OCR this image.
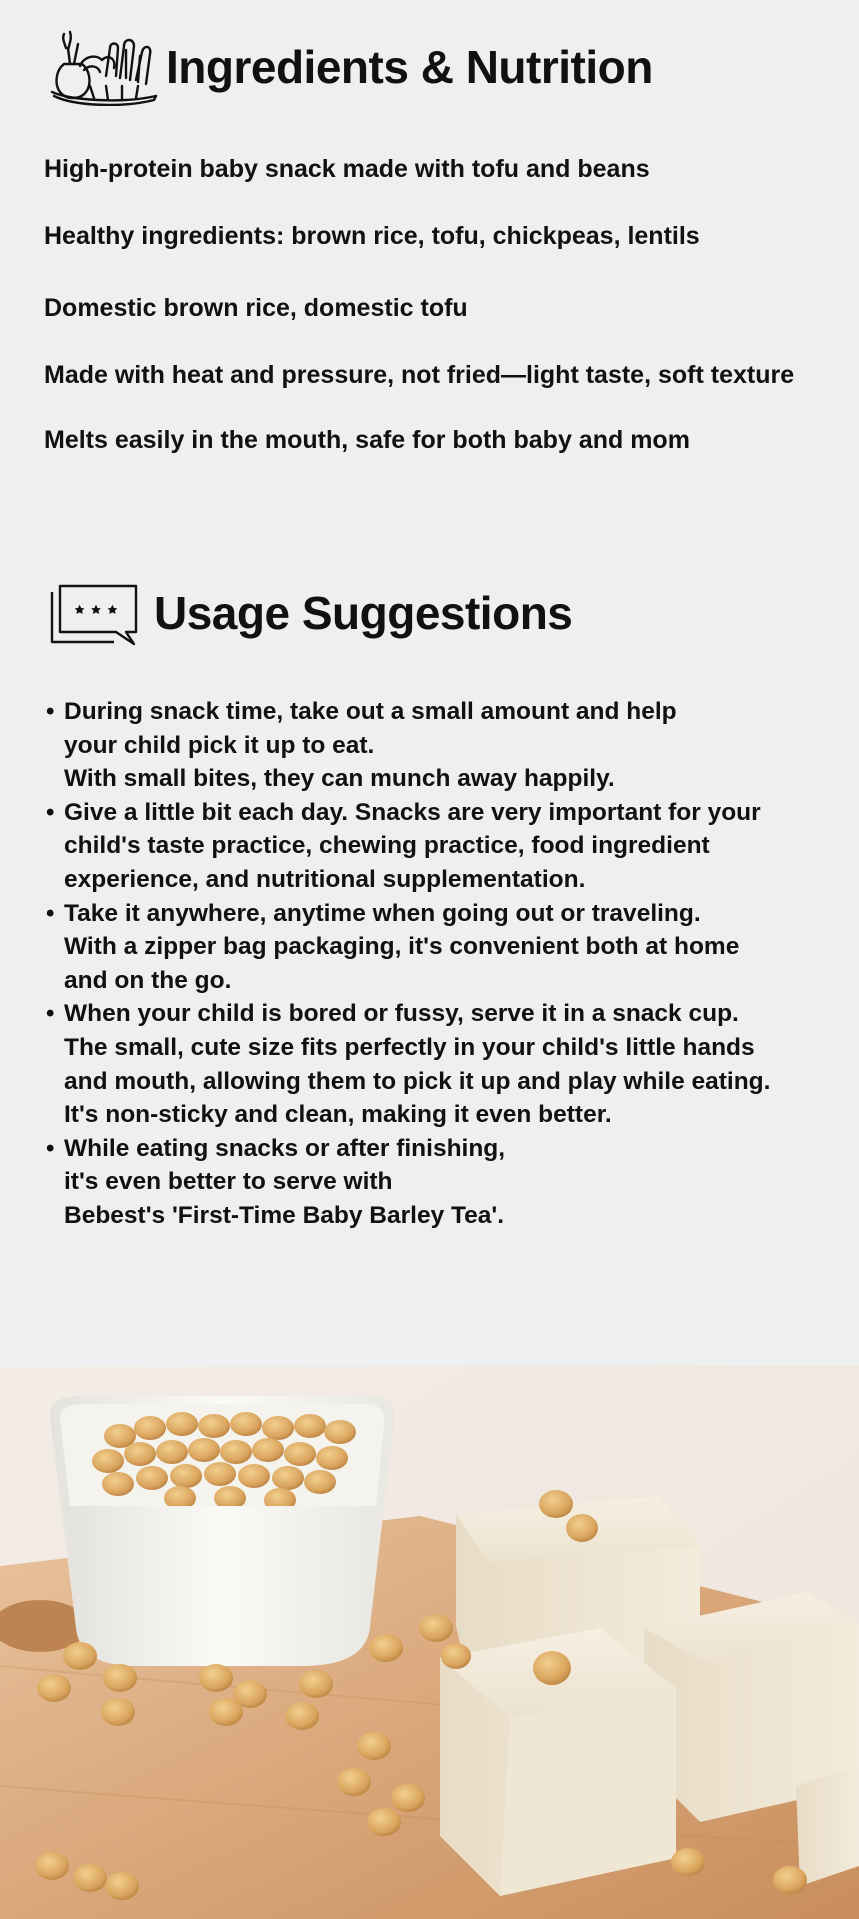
Ingredients & Nutrition
High-protein baby snack made with tofu and beans
Healthy ingredients: brown rice, tofu, chickpeas, lentils
Domestic brown rice, domestic tofu
Made with heat and pressure, not fried—light taste, soft texture
Melts easily in the mouth, safe for both baby and mom
Usage Suggestions
• During snack time, take out a small amount and help
your child pick it up to eat.
With small bites, they can munch away happily.
• Give a little bit each day. Snacks are very important for your
child's taste practice, chewing practice, food ingredient
experience, and nutritional supplementation.
• Take it anywhere, anytime when going out or traveling.
With a zipper bag packaging, it's convenient both at home
and on the go.
• When your child is bored or fussy, serve it in a snack cup.
The small, cute size fits perfectly in your child's little hands
and mouth, allowing them to pick it up and play while eating.
It's non-sticky and clean, making it even better.
• While eating snacks or after finishing,
it's even better to serve with
Bebest's 'First-Time Baby Barley Tea'.
